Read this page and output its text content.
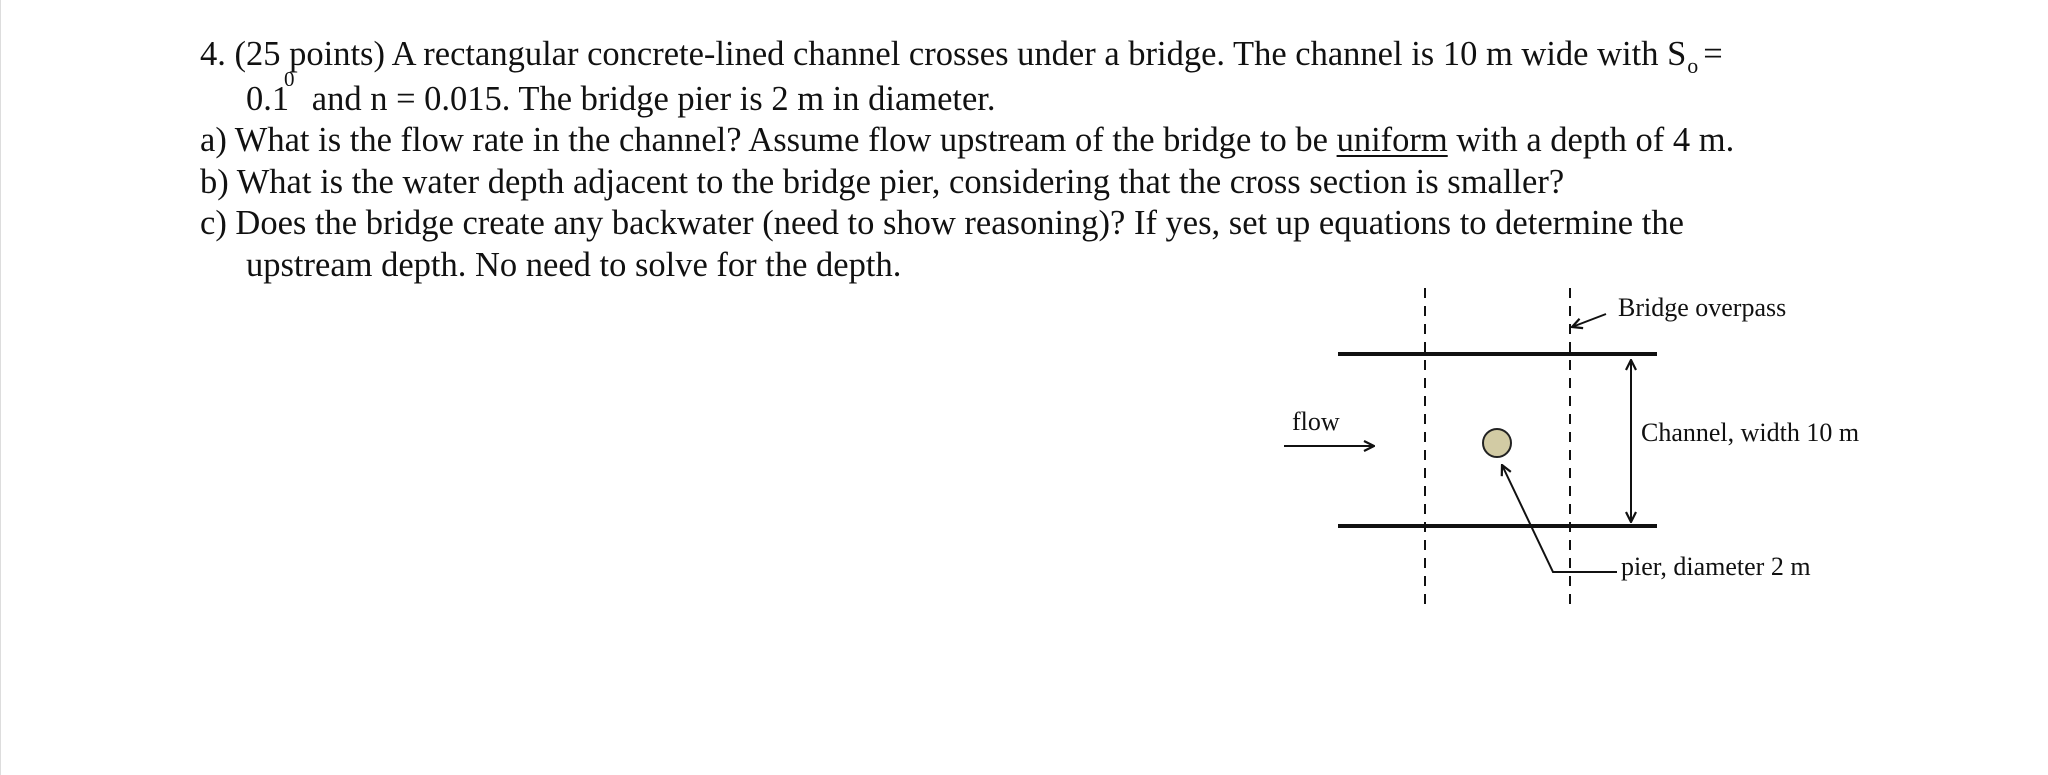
4. (25 points) A rectangular concrete-lined channel crosses under a bridge. The channel is 10 m wide with $S_o$ =
0.1
0
and n = 0.015. The bridge pier is 2 m in diameter.
a) What is the flow rate in the channel? Assume flow upstream of the bridge to be uniform with a depth of 4 m.
b) What is the water depth adjacent to the bridge pier, considering that the cross section is smaller?
c) Does the bridge create any backwater (need to show reasoning)? If yes, set up equations to determine the
upstream depth. No need to solve for the depth.
Bridge overpass
Channel, width 10 m
flow
pier, diameter 2 m
